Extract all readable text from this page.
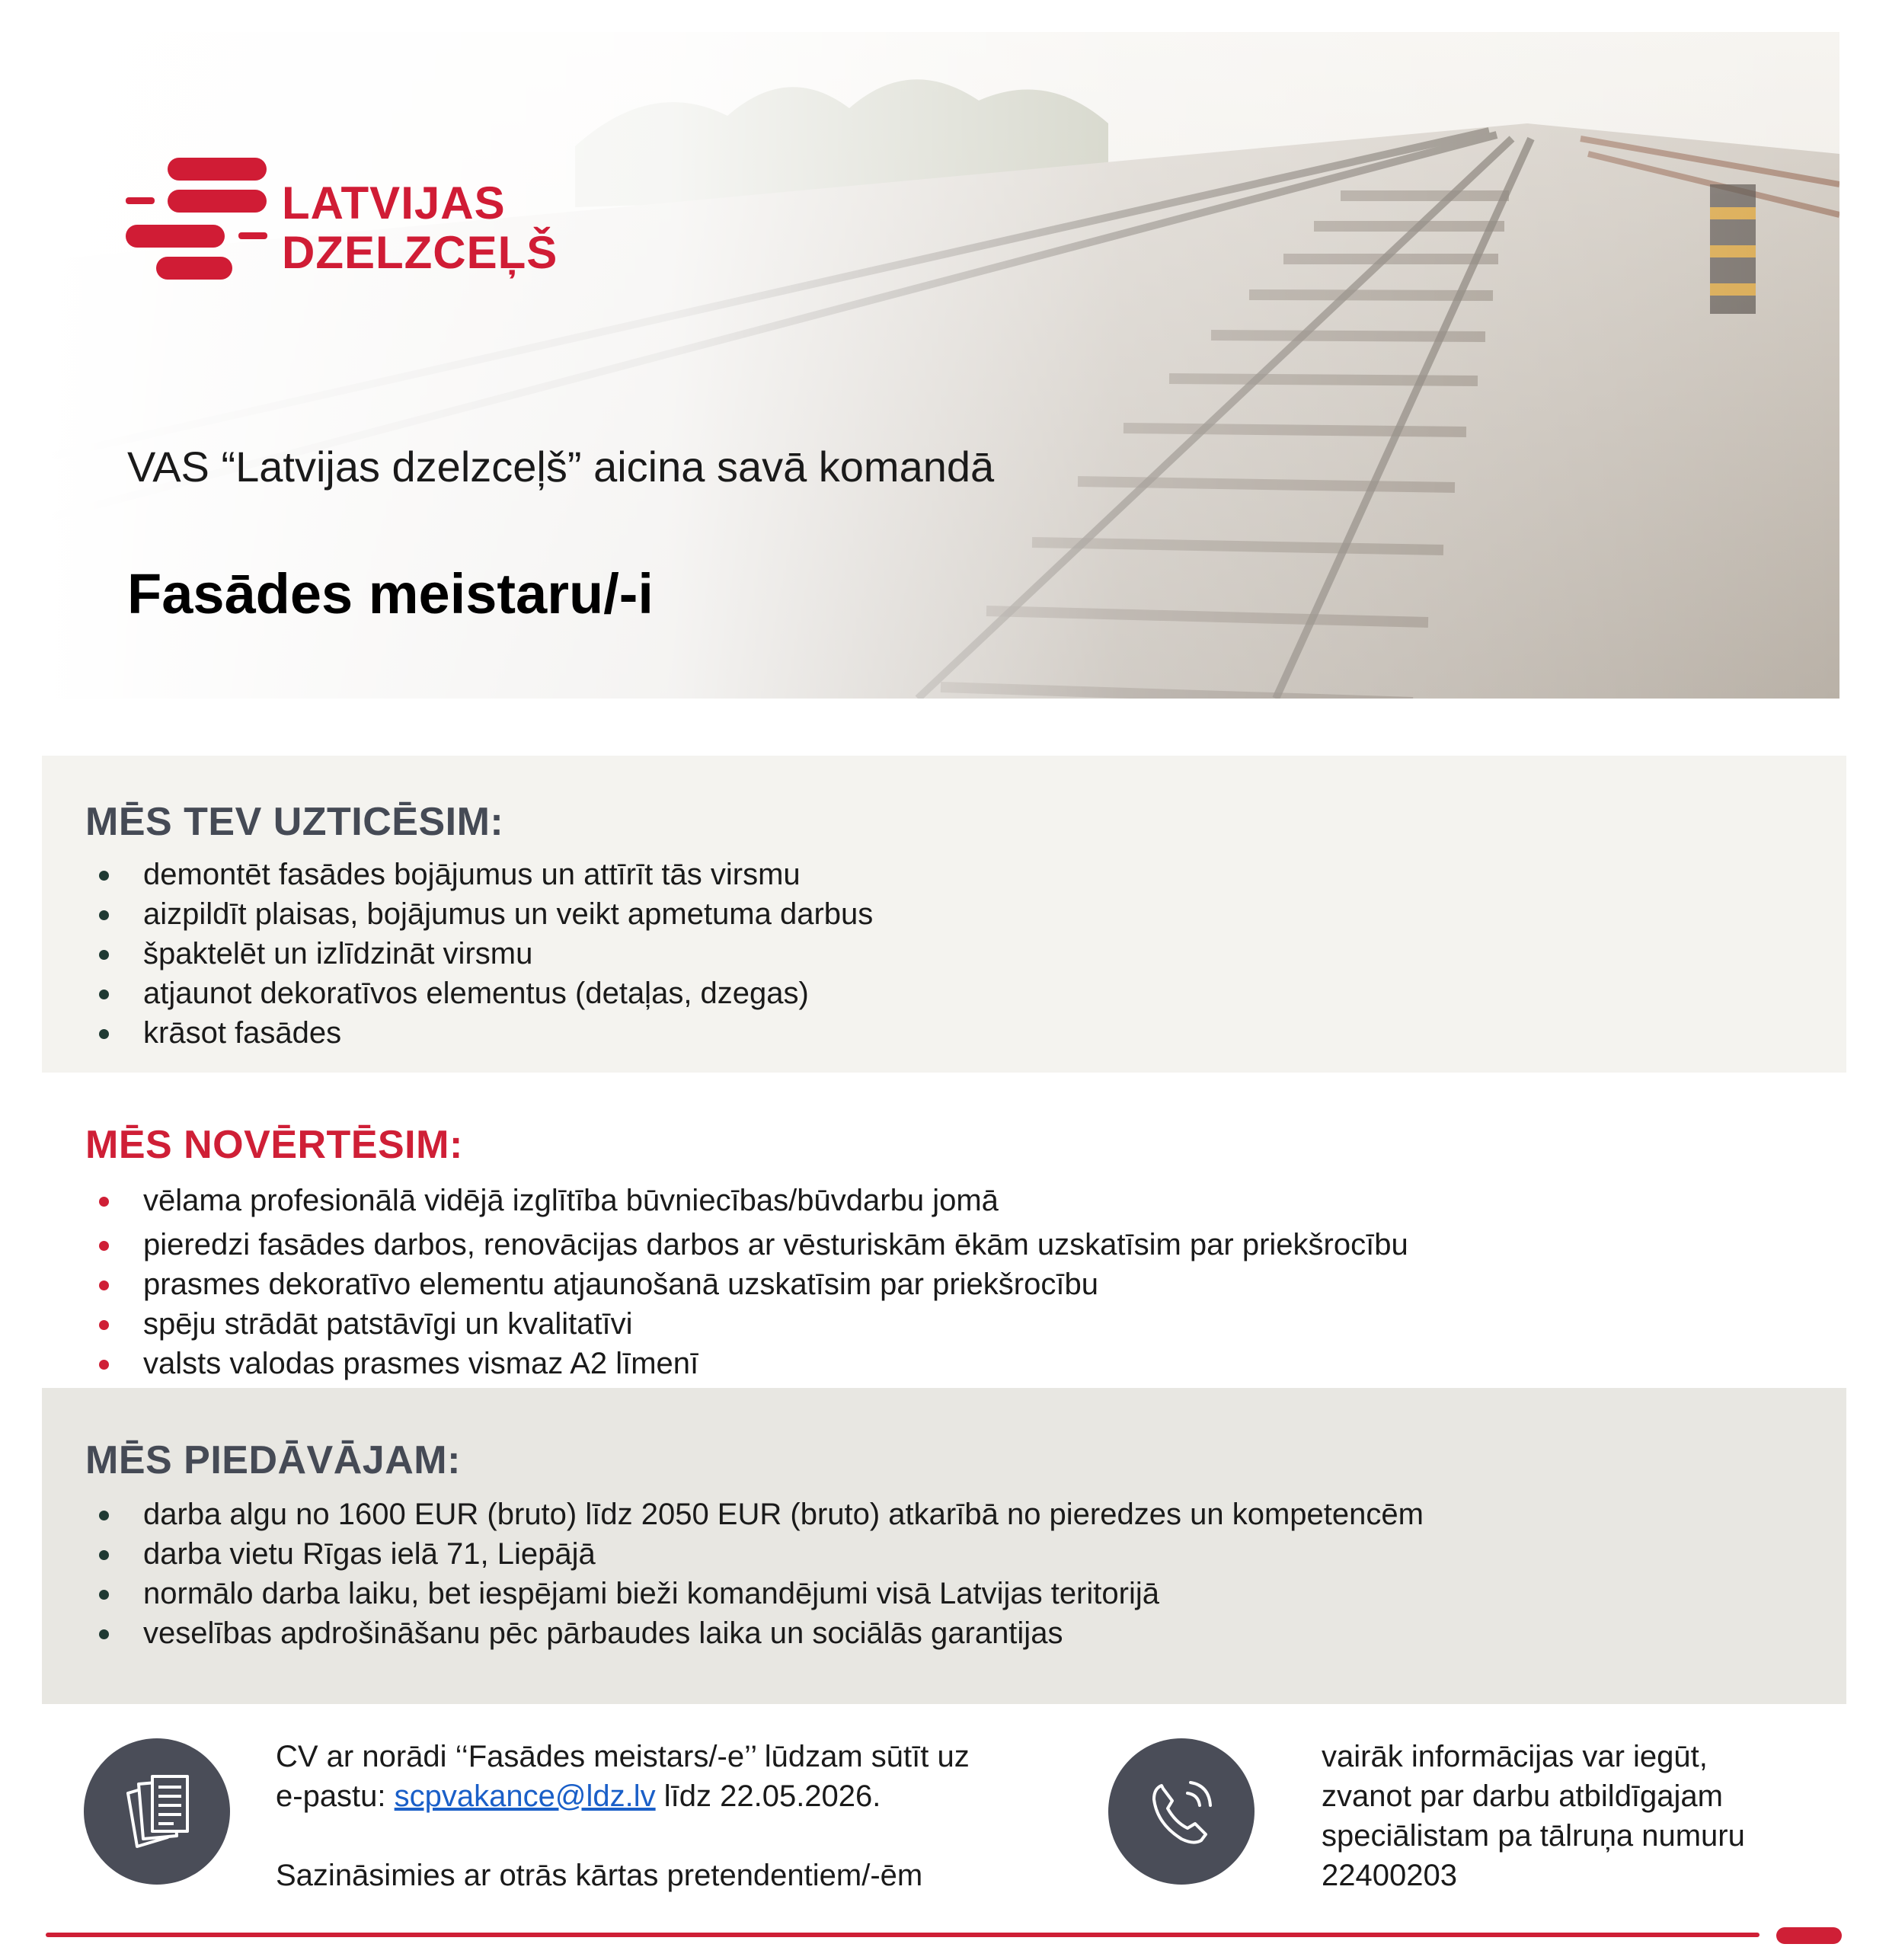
LATVIJAS
DZELZCEĻŠ
VAS “Latvijas dzelzceļš” aicina savā komandā
Fasādes meistaru/-i
MĒS TEV UZTICĒSIM:
demontēt fasādes bojājumus un attīrīt tās virsmu
aizpildīt plaisas, bojājumus un veikt apmetuma darbus
špaktelēt un izlīdzināt virsmu
atjaunot dekoratīvos elementus (detaļas, dzegas)
krāsot fasādes
MĒS NOVĒRTĒSIM:
vēlama profesionālā vidējā izglītība būvniecības/būvdarbu jomā
pieredzi fasādes darbos, renovācijas darbos ar vēsturiskām ēkām uzskatīsim par priekšrocību
prasmes dekoratīvo elementu atjaunošanā uzskatīsim par priekšrocību
spēju strādāt patstāvīgi un kvalitatīvi
valsts valodas prasmes vismaz A2 līmenī
MĒS PIEDĀVĀJAM:
darba algu no 1600 EUR (bruto) līdz 2050 EUR (bruto) atkarībā no pieredzes un kompetencēm
darba vietu Rīgas ielā 71, Liepājā
normālo darba laiku, bet iespējami bieži komandējumi visā Latvijas teritorijā
veselības apdrošināšanu pēc pārbaudes laika un sociālās garantijas
CV ar norādi ‘‘Fasādes meistars/-e’’ lūdzam sūtīt uz
e-pastu: scpvakance@ldz.lv līdz 22.05.2026.
Sazināsimies ar otrās kārtas pretendentiem/-ēm
vairāk informācijas var iegūt,
zvanot par darbu atbildīgajam
speciālistam pa tālruņa numuru
22400203
